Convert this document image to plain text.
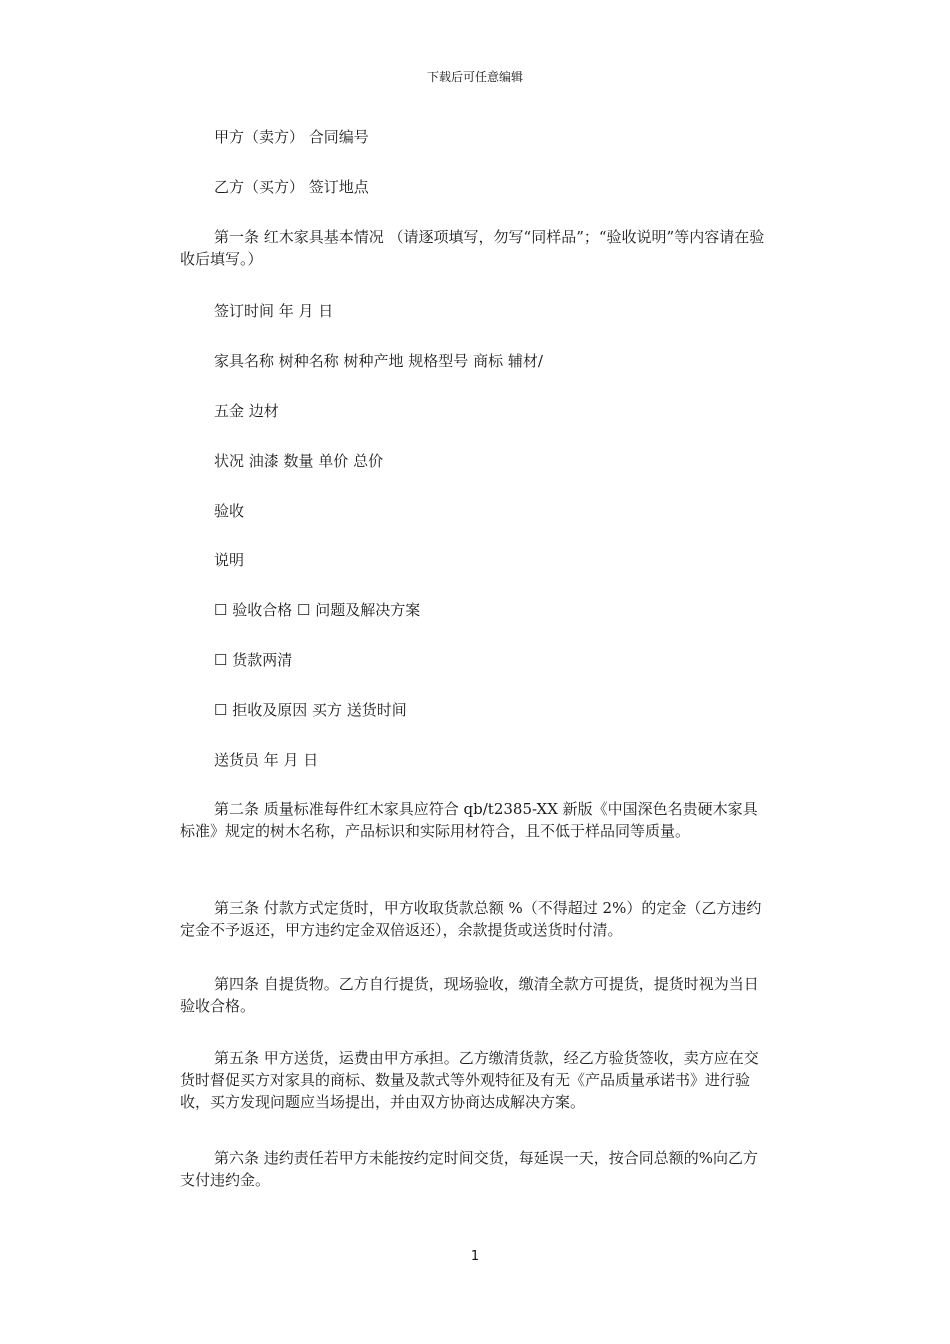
下载后可任意编辑
甲方（卖方） 合同编号
乙方（买方） 签订地点
第一条 红木家具基本情况 （请逐项填写，勿写“同样品”；“验收说明”等内容请在验收后填写。）
签订时间 年 月 日
家具名称 树种名称 树种产地 规格型号 商标 辅材/
五金 边材
状况 油漆 数量 单价 总价
验收
说明
☐ 验收合格 ☐ 问题及解决方案
☐ 货款两清
☐ 拒收及原因 买方 送货时间
送货员 年 月 日
第二条 质量标准每件红木家具应符合 qb/t2385-XX 新版《中国深色名贵硬木家具标准》规定的树木名称，产品标识和实际用材符合，且不低于样品同等质量。
第三条 付款方式定货时，甲方收取货款总额 %（不得超过 2%）的定金（乙方违约定金不予返还，甲方违约定金双倍返还），余款提货或送货时付清。
第四条 自提货物。乙方自行提货，现场验收，缴清全款方可提货，提货时视为当日验收合格。
第五条 甲方送货，运费由甲方承担。乙方缴清货款，经乙方验货签收，卖方应在交货时督促买方对家具的商标、数量及款式等外观特征及有无《产品质量承诺书》进行验收，买方发现问题应当场提出，并由双方协商达成解决方案。
第六条 违约责任若甲方未能按约定时间交货，每延误一天，按合同总额的%向乙方支付违约金。
1
